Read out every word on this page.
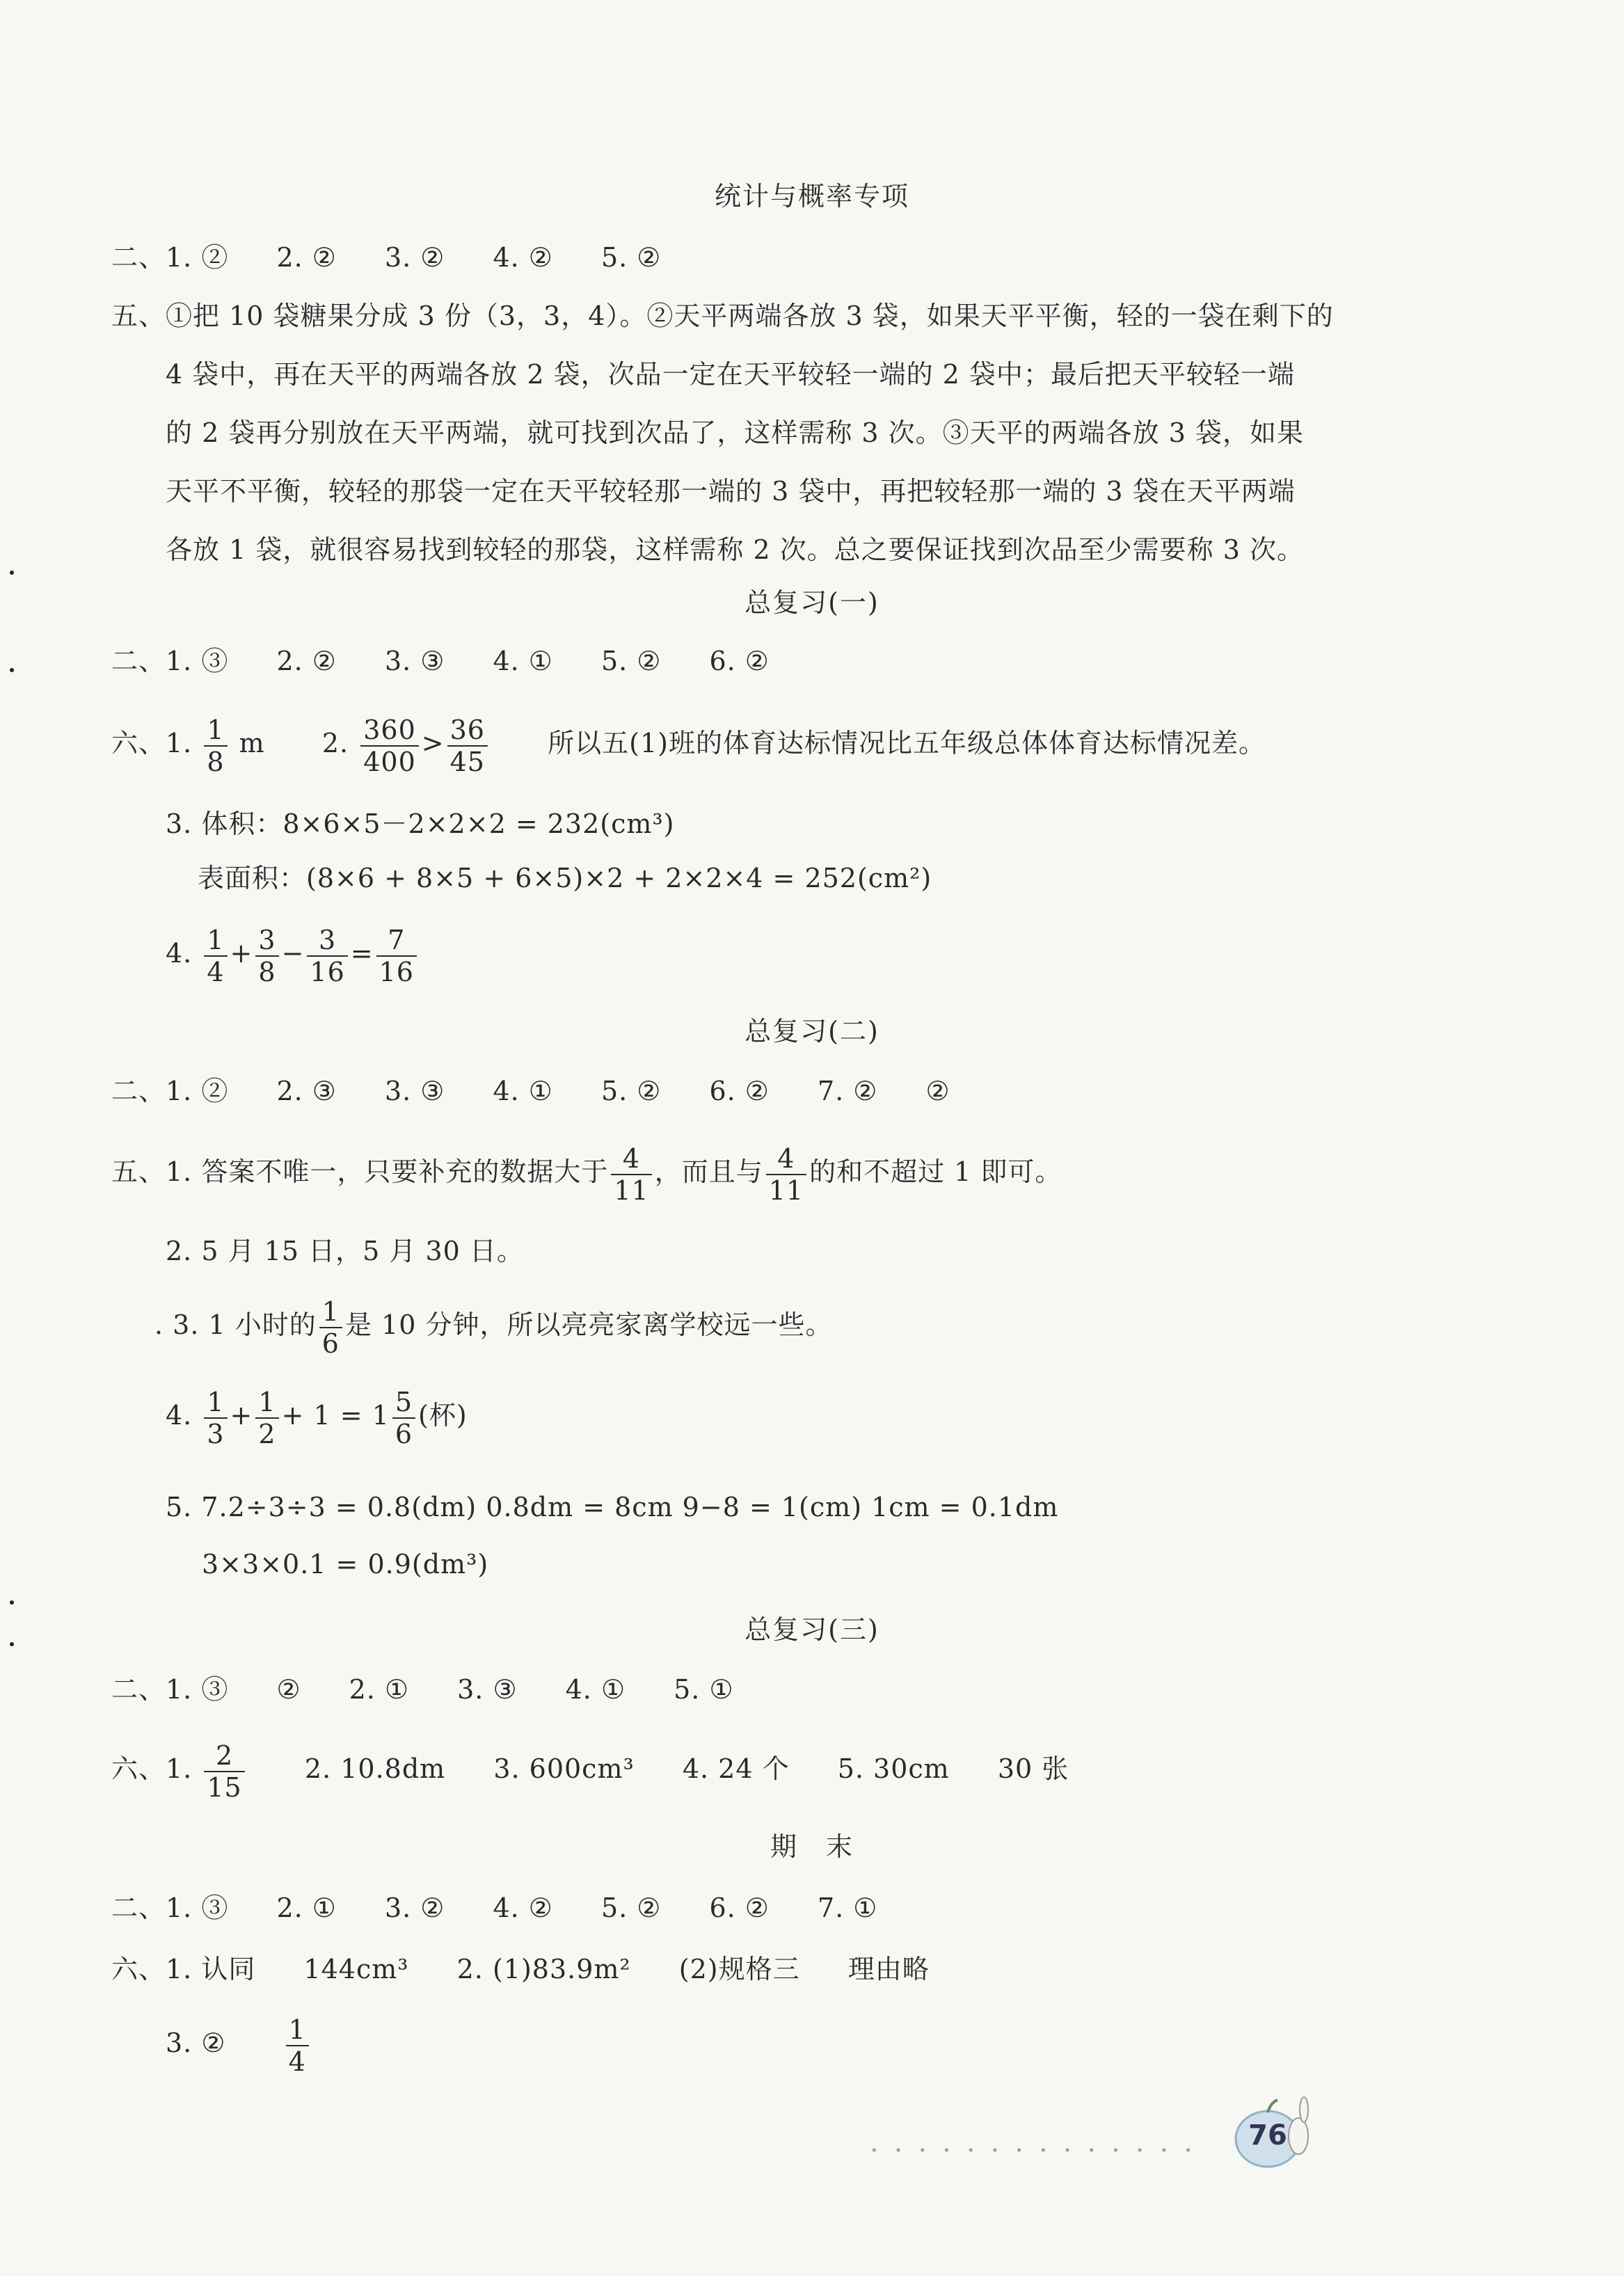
统计与概率专项
二、1. ② 2. ② 3. ② 4. ② 5. ②
五、①把 10 袋糖果分成 3 份（3，3，4）。②天平两端各放 3 袋，如果天平平衡，轻的一袋在剩下的
4 袋中，再在天平的两端各放 2 袋，次品一定在天平较轻一端的 2 袋中；最后把天平较轻一端
的 2 袋再分别放在天平两端，就可找到次品了，这样需称 3 次。③天平的两端各放 3 袋，如果
天平不平衡，较轻的那袋一定在天平较轻那一端的 3 袋中，再把较轻那一端的 3 袋在天平两端
各放 1 袋，就很容易找到较轻的那袋，这样需称 2 次。总之要保证找到次品至少需要称 3 次。
总复习(一)
二、1. ③ 2. ② 3. ③ 4. ① 5. ② 6. ②
六、1. $\frac{1}{8}$ m 2. $\frac{360}{400} > \frac{36}{45}$ 所以五(1)班的体育达标情况比五年级总体体育达标情况差。
3. 体积：8×6×5－2×2×2 = 232(cm³)
表面积：(8×6 + 8×5 + 6×5)×2 + 2×2×4 = 252(cm²)
4. $\frac{1}{4} + \frac{3}{8} - \frac{3}{16} = \frac{7}{16}$
总复习(二)
二、1. ② 2. ③ 3. ③ 4. ① 5. ② 6. ② 7. ② ②
五、1. 答案不唯一，只要补充的数据大于 $\frac{4}{11}$ ，而且与 $\frac{4}{11}$ 的和不超过 1 即可。
2. 5 月 15 日，5 月 30 日。
. 3. 1 小时的 $\frac{1}{6}$ 是 10 分钟，所以亮亮家离学校远一些。
4. $\frac{1}{3} + \frac{1}{2} + 1 = 1 \frac{5}{6}$ (杯)
5. 7.2÷3÷3 = 0.8(dm) 0.8dm = 8cm 9−8 = 1(cm) 1cm = 0.1dm
3×3×0.1 = 0.9(dm³)
总复习(三)
二、1. ③ ② 2. ① 3. ③ 4. ① 5. ①
六、1. $\frac{2}{15} 2$. 10.8dm 3. 600cm³ 4. 24 个 5. 30cm 30 张
期　末
二、1. ③ 2. ① 3. ② 4. ② 5. ② 6. ② 7. ①
六、1. 认同 144cm³ 2. (1)83.9m² (2)规格三 理由略
3. ② $\frac{1}{4}$
··············	76
